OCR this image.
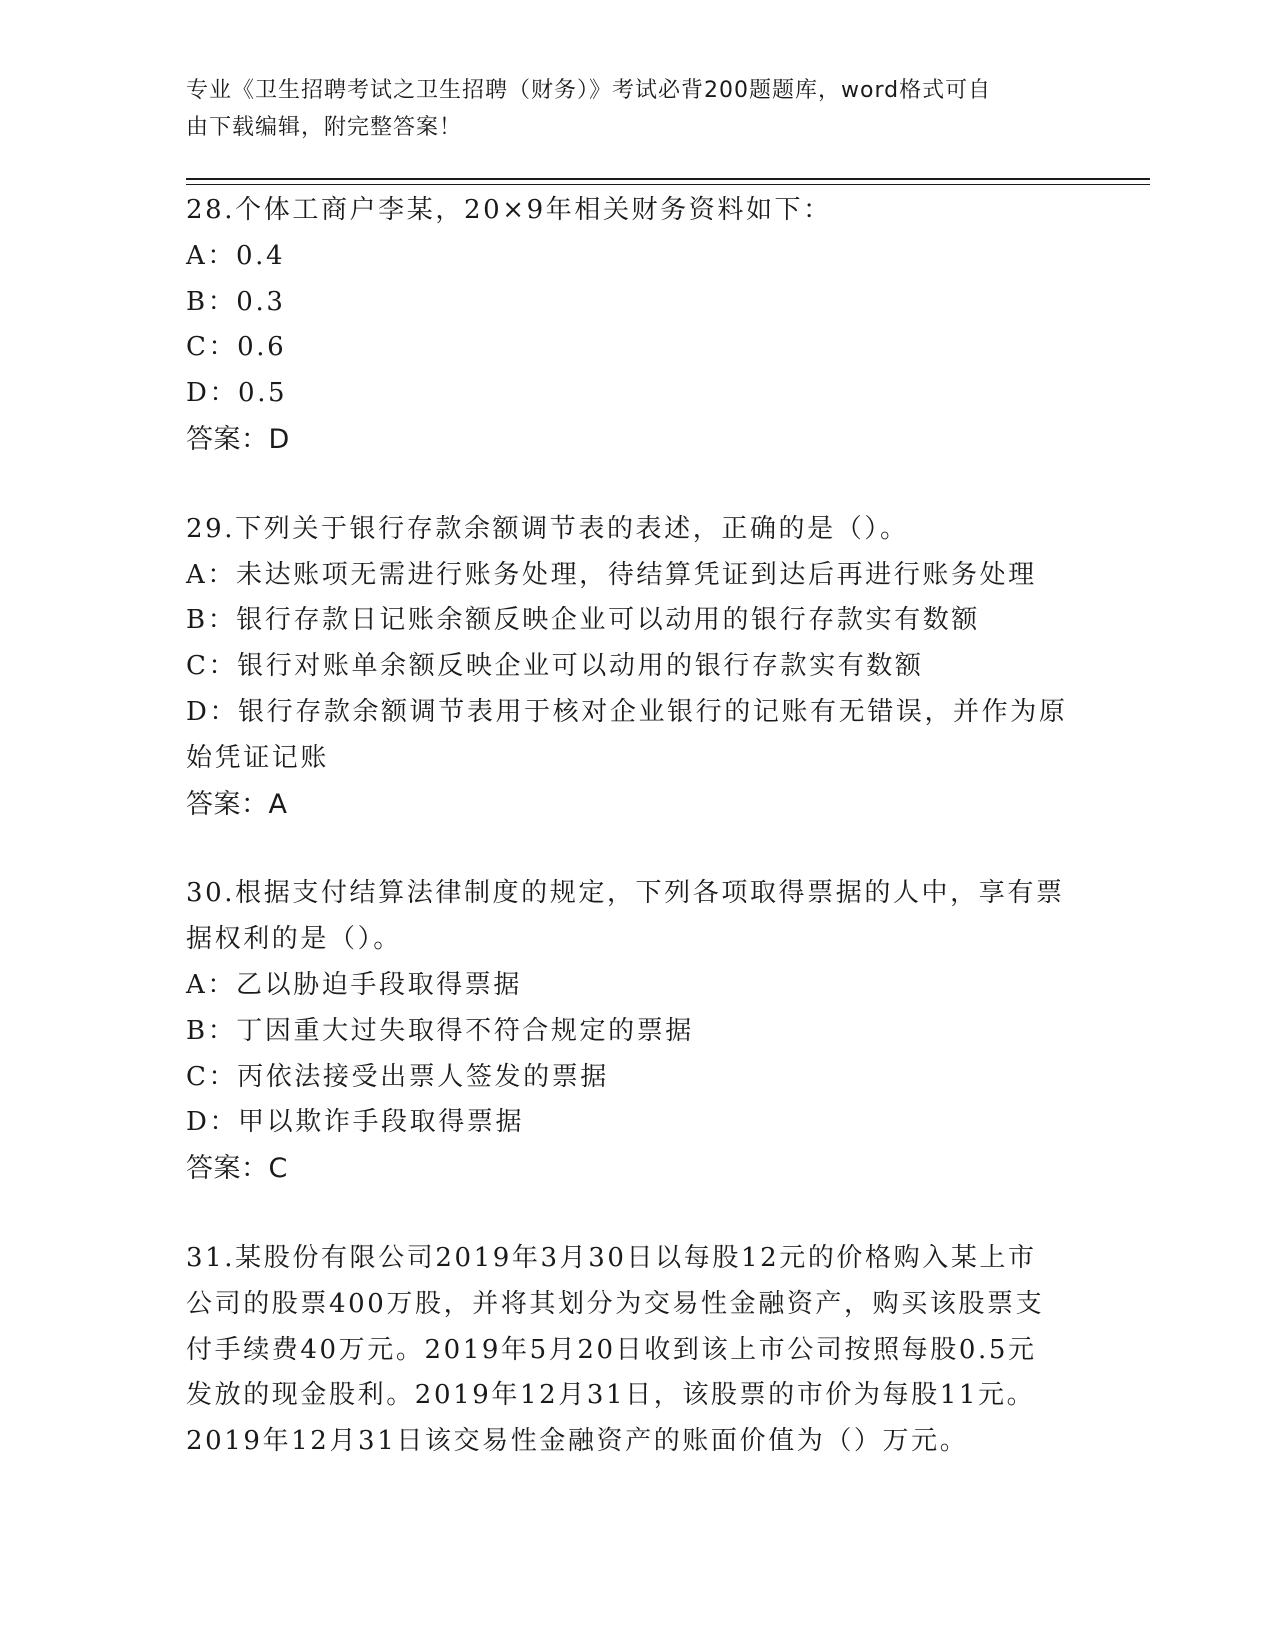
专业《卫生招聘考试之卫生招聘（财务）》考试必背200题题库，word格式可自
由下载编辑，附完整答案！
28.个体工商户李某，20×9年相关财务资料如下：
A：0.4
B：0.3
C：0.6
D：0.5
答案：D
29.下列关于银行存款余额调节表的表述，正确的是（）。
A：未达账项无需进行账务处理，待结算凭证到达后再进行账务处理
B：银行存款日记账余额反映企业可以动用的银行存款实有数额
C：银行对账单余额反映企业可以动用的银行存款实有数额
D：银行存款余额调节表用于核对企业银行的记账有无错误，并作为原
始凭证记账
答案：A
30.根据支付结算法律制度的规定，下列各项取得票据的人中，享有票
据权利的是（）。
A：乙以胁迫手段取得票据
B：丁因重大过失取得不符合规定的票据
C：丙依法接受出票人签发的票据
D：甲以欺诈手段取得票据
答案：C
31.某股份有限公司2019年3月30日以每股12元的价格购入某上市
公司的股票400万股，并将其划分为交易性金融资产，购买该股票支
付手续费40万元。2019年5月20日收到该上市公司按照每股0.5元
发放的现金股利。2019年12月31日，该股票的市价为每股11元。
2019年12月31日该交易性金融资产的账面价值为（）万元。
